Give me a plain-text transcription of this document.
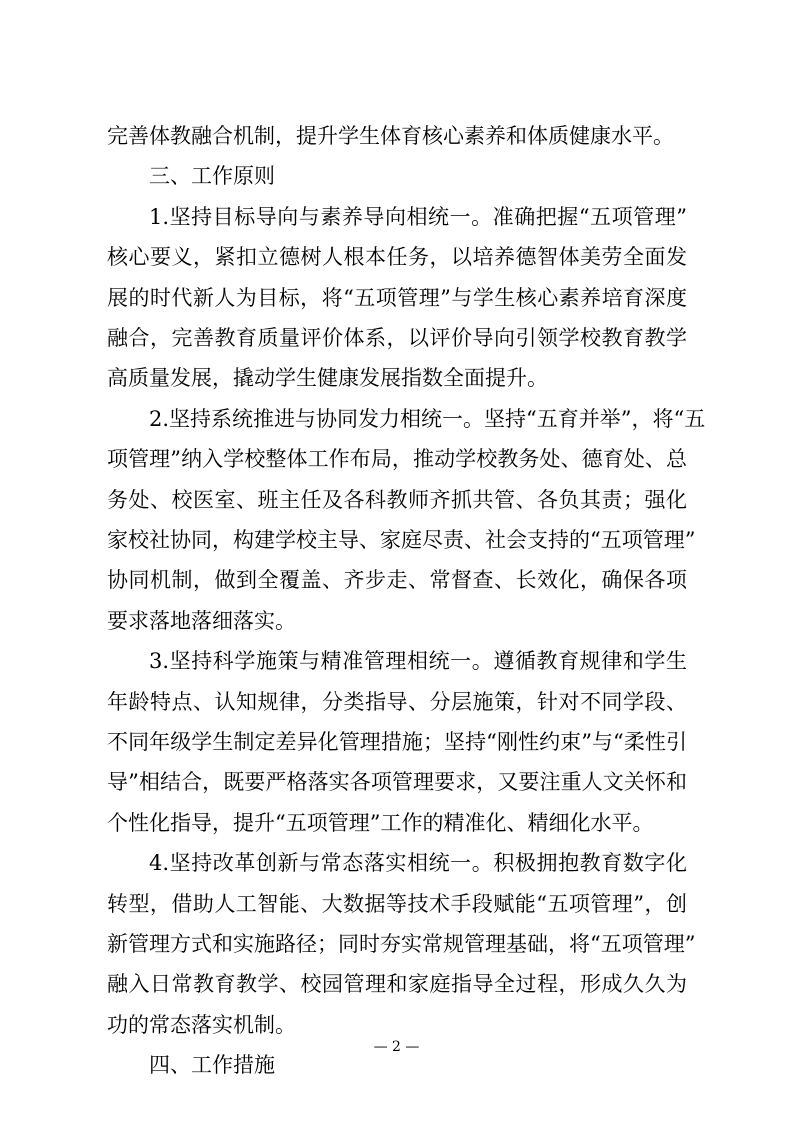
完善体教融合机制，提升学生体育核心素养和体质健康水平。
三、工作原则
1.坚持目标导向与素养导向相统一。准确把握“五项管理”
核心要义，紧扣立德树人根本任务，以培养德智体美劳全面发
展的时代新人为目标，将“五项管理”与学生核心素养培育深度
融合，完善教育质量评价体系，以评价导向引领学校教育教学
高质量发展，撬动学生健康发展指数全面提升。
2.坚持系统推进与协同发力相统一。坚持“五育并举”，将“五
项管理”纳入学校整体工作布局，推动学校教务处、德育处、总
务处、校医室、班主任及各科教师齐抓共管、各负其责；强化
家校社协同，构建学校主导、家庭尽责、社会支持的“五项管理”
协同机制，做到全覆盖、齐步走、常督查、长效化，确保各项
要求落地落细落实。
3.坚持科学施策与精准管理相统一。遵循教育规律和学生
年龄特点、认知规律，分类指导、分层施策，针对不同学段、
不同年级学生制定差异化管理措施；坚持“刚性约束”与“柔性引
导”相结合，既要严格落实各项管理要求，又要注重人文关怀和
个性化指导，提升“五项管理”工作的精准化、精细化水平。
4.坚持改革创新与常态落实相统一。积极拥抱教育数字化
转型，借助人工智能、大数据等技术手段赋能“五项管理”，创
新管理方式和实施路径；同时夯实常规管理基础，将“五项管理”
融入日常教育教学、校园管理和家庭指导全过程，形成久久为
功的常态落实机制。
四、工作措施
— 2 —
